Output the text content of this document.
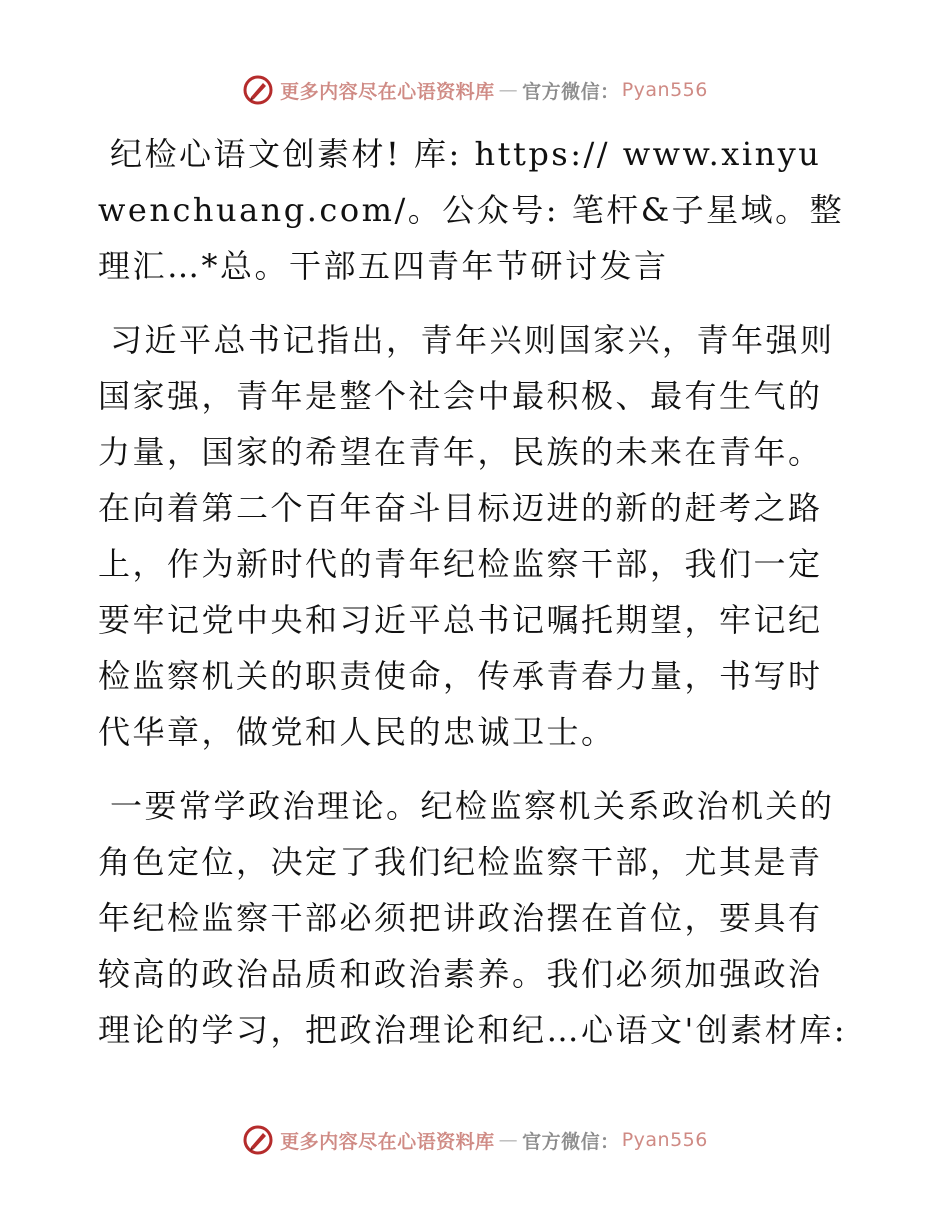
更多内容尽在心语资料库 — 官方微信： Pyan556

纪检心语文创素材! 库: https:// www.xinyuwenchuang.com/。公众号: 笔杆&子星域。整理汇…*总。干部五四青年节研讨发言

习近平总书记指出，青年兴则国家兴，青年强则国家强，青年是整个社会中最积极、最有生气的力量，国家的希望在青年，民族的未来在青年。在向着第二个百年奋斗目标迈进的新的赶考之路上，作为新时代的青年纪检监察干部，我们一定要牢记党中央和习近平总书记嘱托期望，牢记纪检监察机关的职责使命，传承青春力量，书写时代华章，做党和人民的忠诚卫士。

一要常学政治理论。纪检监察机关系政治机关的角色定位，决定了我们纪检监察干部，尤其是青年纪检监察干部必须把讲政治摆在首位，要具有较高的政治品质和政治素养。我们必须加强政治理论的学习，把政治理论和纪…心语文'创素材库:

更多内容尽在心语资料库 — 官方微信： Pyan556
